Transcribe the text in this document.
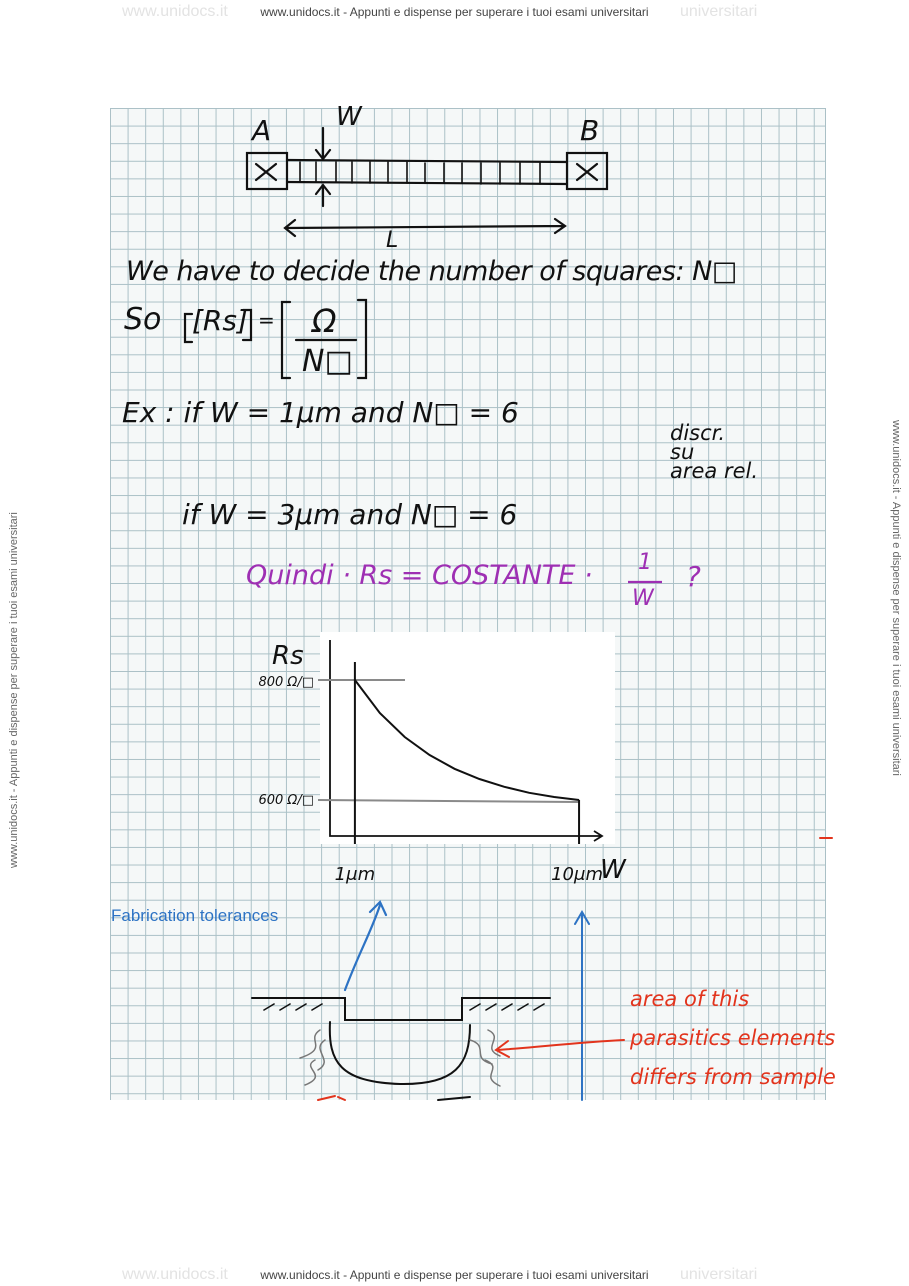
www.unidocs.it - Appunti e dispense per superare i tuoi esami universitari
www.unidocs.it - Appunti e dispense per superare i tuoi esami universitari
www.unidocs.it	universitari
www.unidocs.it	universitari
www.unidocs.it - Appunti e dispense per superare i tuoi esami universitari	www.unidocs.it - Appunti e dispense per superare i tuoi esami universitari
Rs
W
800 Ω/□
600 Ω/□
1μm	10μm
A W	B
L
We have to decide the number of squares: N□
So [Rs] = Ω
N□
Ex : if W = 1μm and N□ = 6
discr.
su
area rel.
if W = 3μm and N□ = 6
Quindi · Rs = COSTANTE · 1
W
?
Fabrication tolerances
area of this
parasitics elements
differs from sample
